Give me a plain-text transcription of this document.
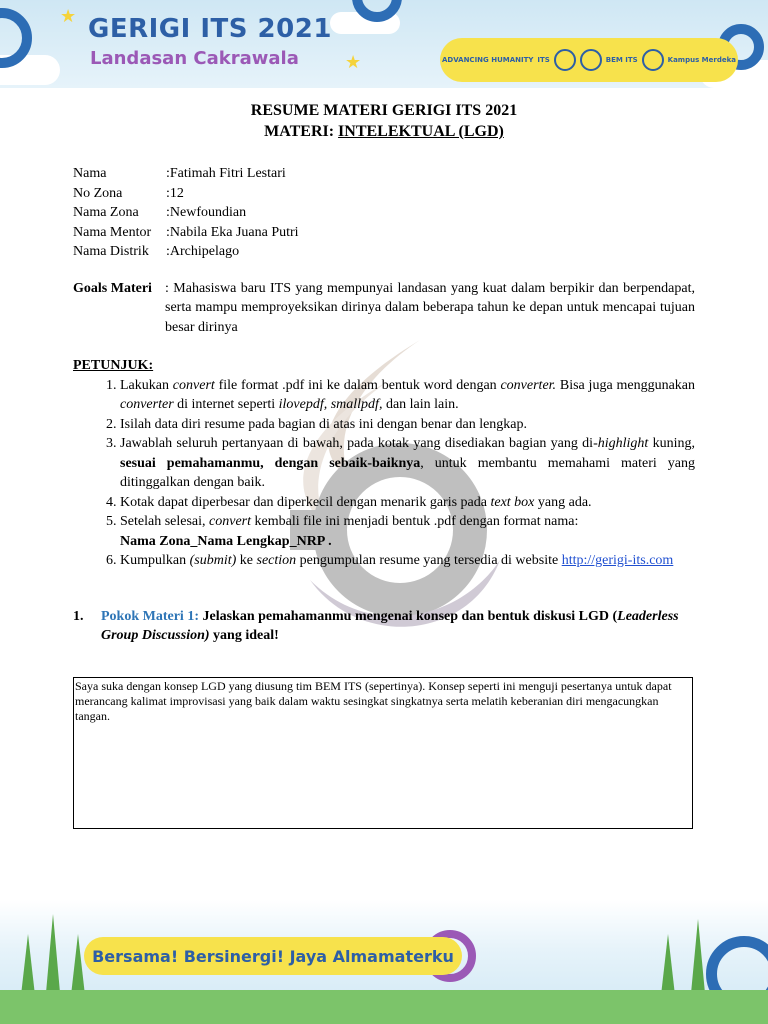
★
★
GERIGI ITS 2021
Landasan Cakrawala	ADVANCING HUMANITY ITS	BEM ITS	Kampus Merdeka
RESUME MATERI GERIGI ITS 2021
MATERI: INTELEKTUAL (LGD)
Nama	:Fatimah Fitri Lestari
No Zona	:12
Nama Zona	:Newfoundian
Nama Mentor	:Nabila Eka Juana Putri
Nama Distrik	:Archipelago
Goals Materi : Mahasiswa baru ITS yang mempunyai landasan yang kuat dalam berpikir dan berpendapat, serta mampu memproyeksikan dirinya dalam beberapa tahun ke depan untuk mencapai tujuan besar dirinya
PETUNJUK:
1. Lakukan convert file format .pdf ini ke dalam bentuk word dengan converter. Bisa juga menggunakan converter di internet seperti ilovepdf, smallpdf, dan lain lain.
2. Isilah data diri resume pada bagian di atas ini dengan benar dan lengkap.
3. Jawablah seluruh pertanyaan di bawah, pada kotak yang disediakan bagian yang di-highlight kuning, sesuai pemahamanmu, dengan sebaik-baiknya, untuk membantu memahami materi yang ditinggalkan dengan baik.
4. Kotak dapat diperbesar dan diperkecil dengan menarik garis pada text box yang ada.
5. Setelah selesai, convert kembali file ini menjadi bentuk .pdf dengan format nama:
Nama Zona_Nama Lengkap_NRP .
6. Kumpulkan (submit) ke section pengumpulan resume yang tersedia di website http://gerigi-its.com
1.	Pokok Materi 1: Jelaskan pemahamanmu mengenai konsep dan bentuk diskusi LGD (Leaderless Group Discussion) yang ideal!
Saya suka dengan konsep LGD yang diusung tim BEM ITS (sepertinya). Konsep seperti ini menguji pesertanya untuk dapat merancang kalimat improvisasi yang baik dalam waktu sesingkat singkatnya serta melatih keberanian diri mengacungkan tangan.
Bersama! Bersinergi! Jaya Almamaterku
